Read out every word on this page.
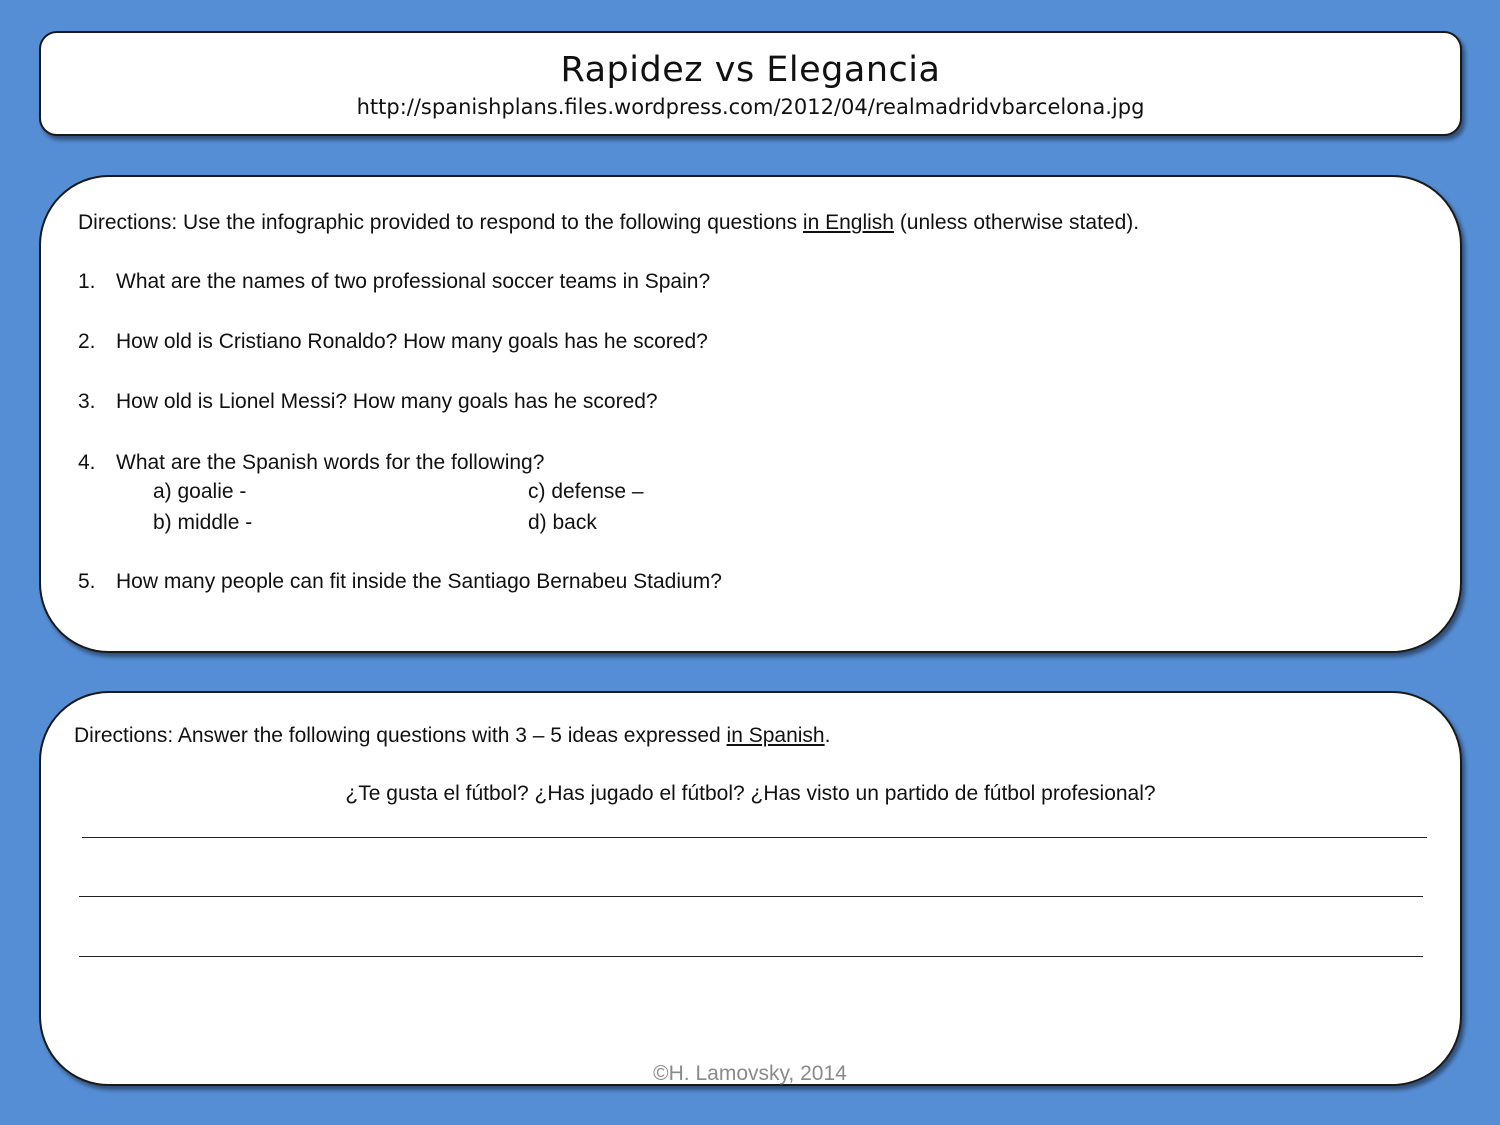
Rapidez vs Elegancia
http://spanishplans.files.wordpress.com/2012/04/realmadridvbarcelona.jpg
Directions: Use the infographic provided to respond to the following questions in English (unless otherwise stated).
1. What are the names of two professional soccer teams in Spain?
2. How old is Cristiano Ronaldo? How many goals has he scored?
3. How old is Lionel Messi? How many goals has he scored?
4. What are the Spanish words for the following?
a) goalie -	c) defense –
b) middle -	d) back
5. How many people can fit inside the Santiago Bernabeu Stadium?
Directions: Answer the following questions with 3 – 5 ideas expressed in Spanish.
¿Te gusta el fútbol? ¿Has jugado el fútbol? ¿Has visto un partido de fútbol profesional?
©H. Lamovsky, 2014
